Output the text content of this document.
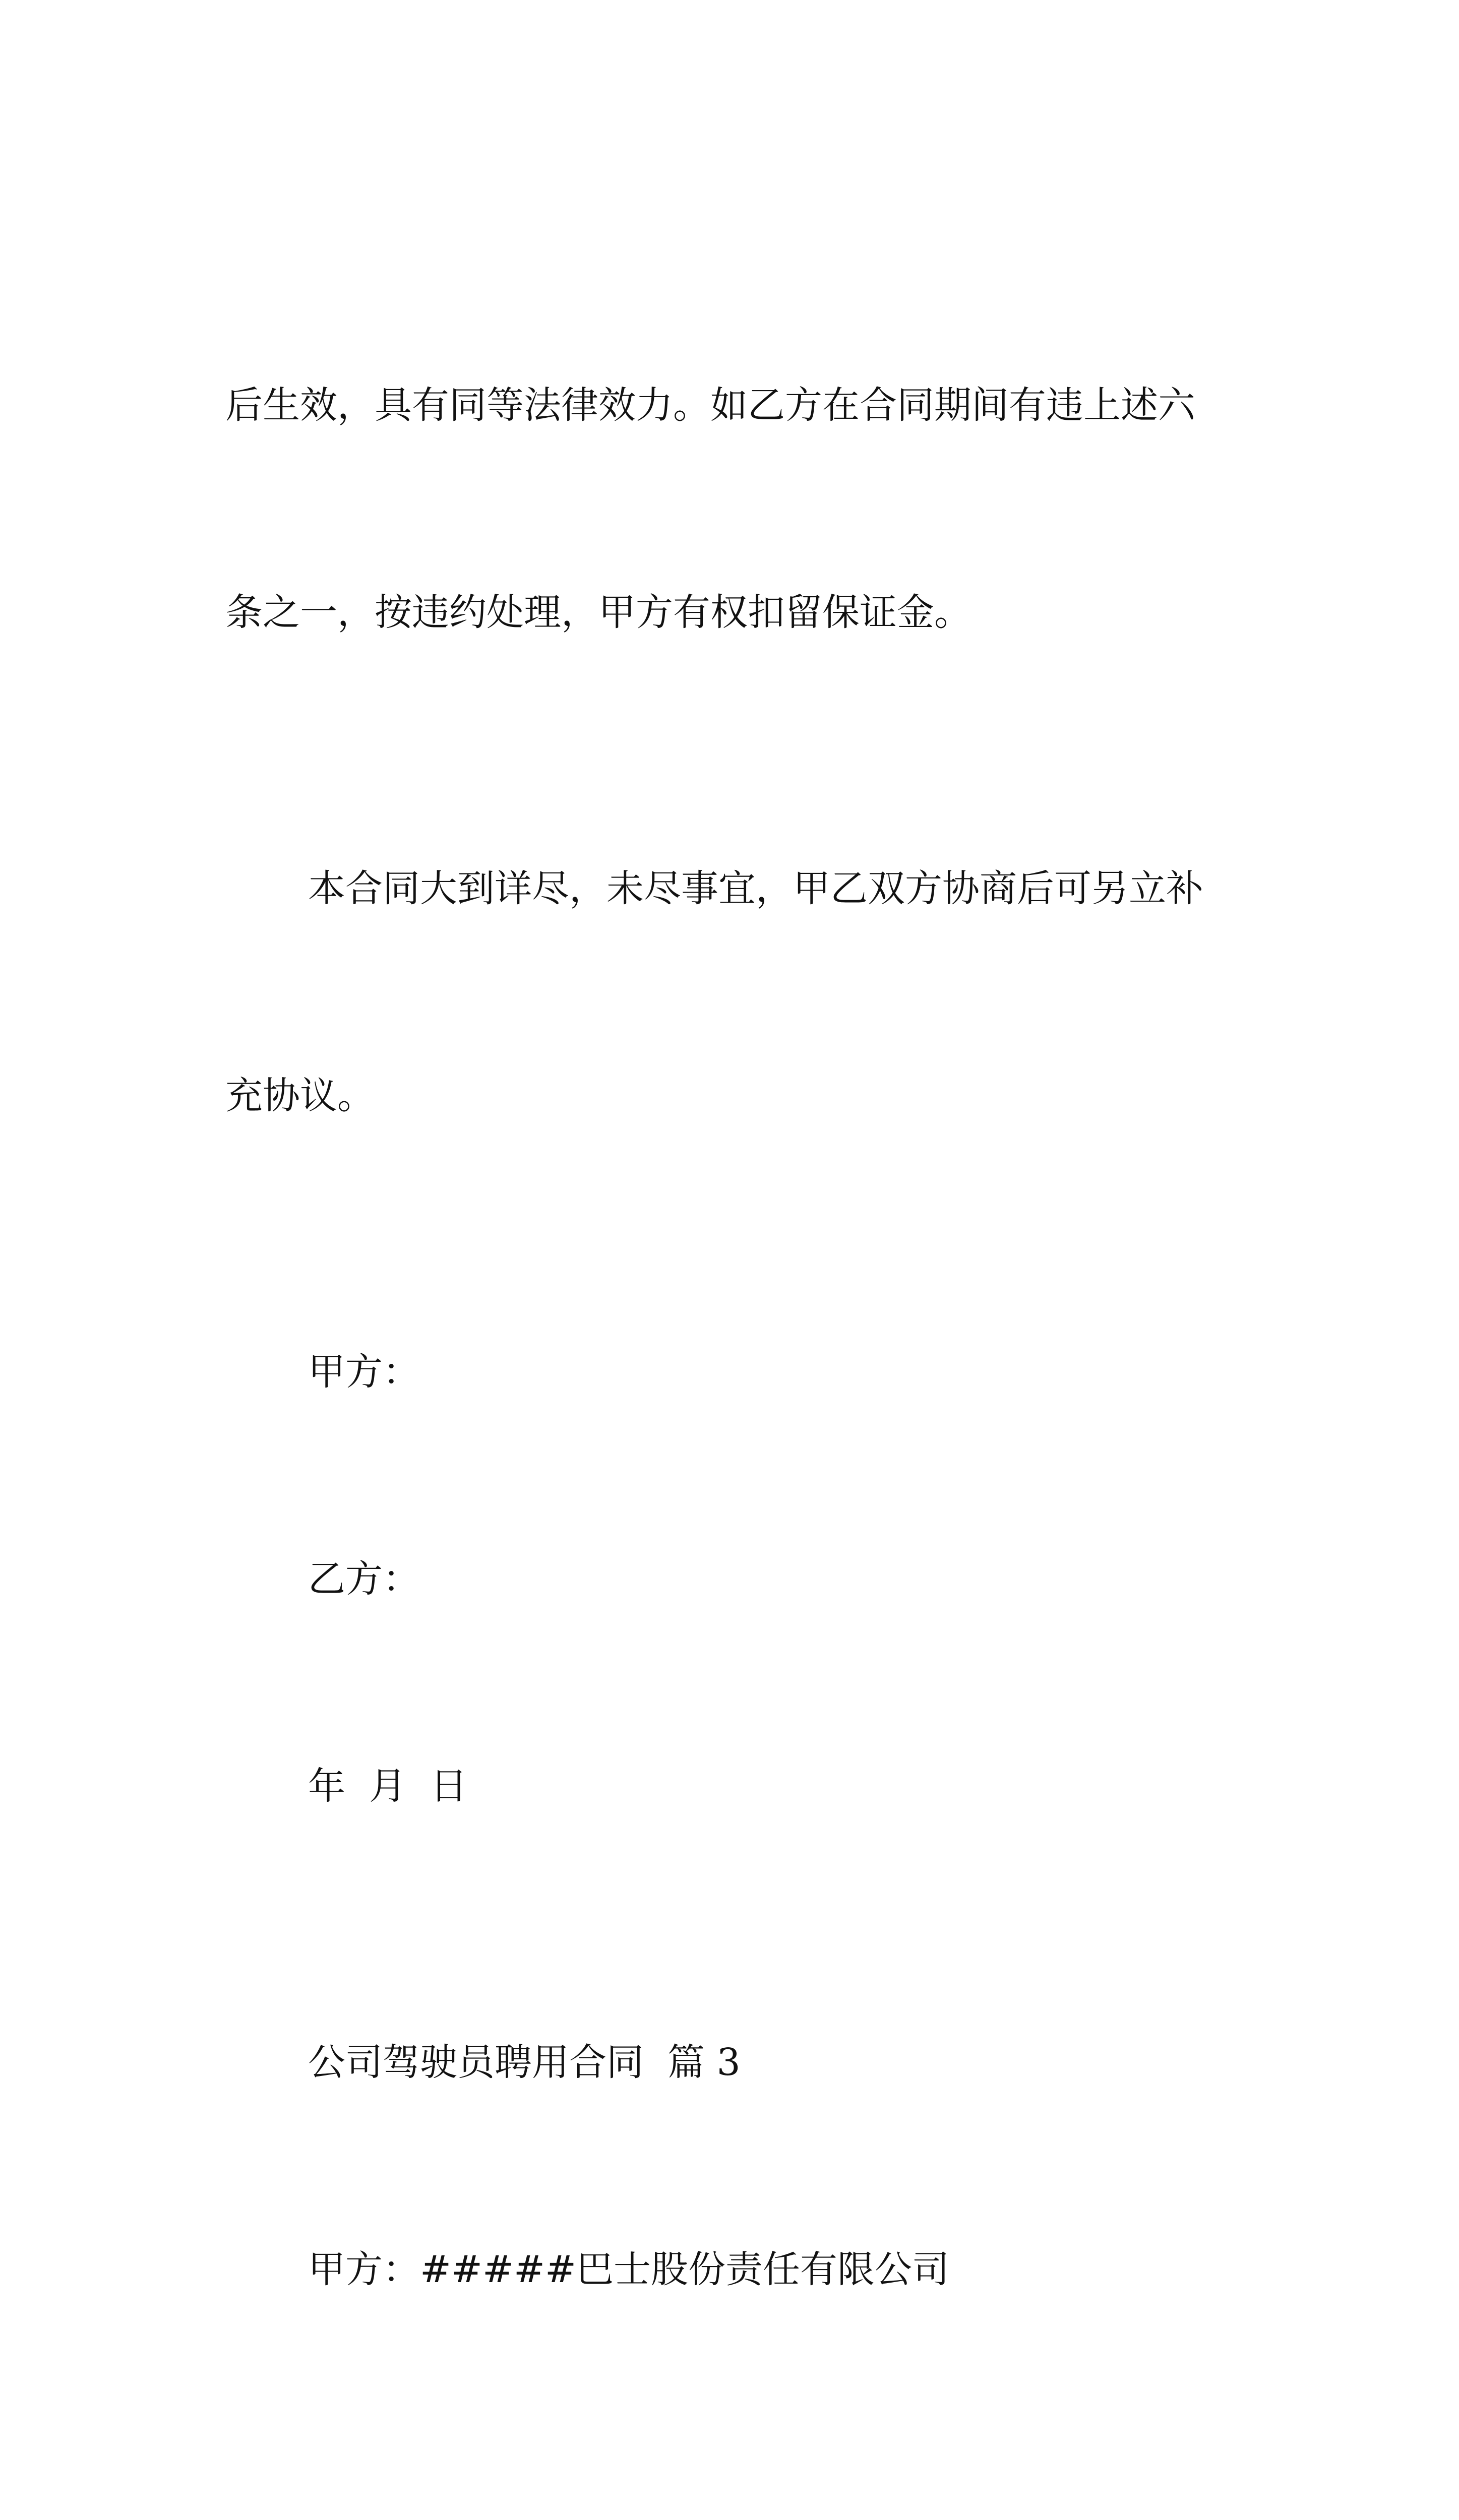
后生效，具有同等法律效力。如乙方在合同期间有违上述六

条之一，按违约处理，甲方有权扣留保证金。

本合同大到详尽，未尽事宜，甲乙双方协商后可另立补

充协议。

甲方：

乙方：

年  月  日

公司驾驶员聘用合同  篇 3

甲方：#####巴士股份责任有限公司
